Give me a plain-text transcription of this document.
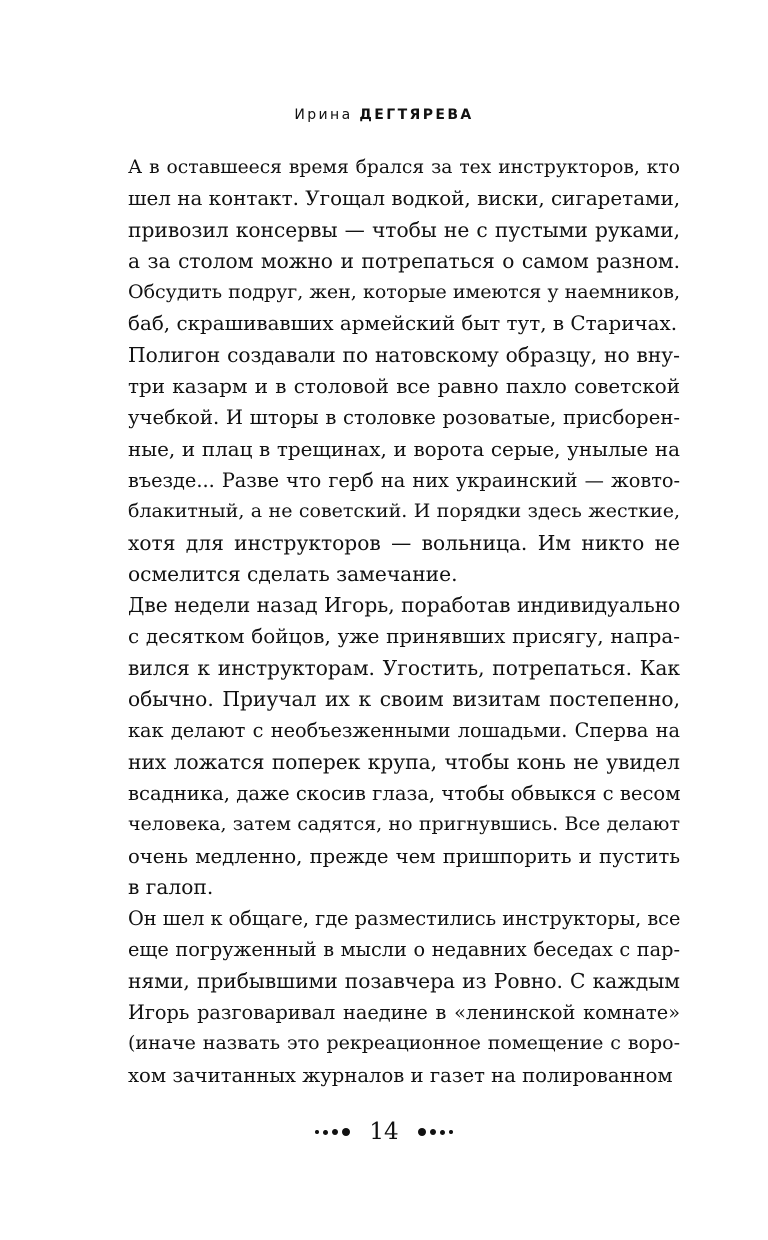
Ирина ДЕГТЯРЕВА
А в оставшееся время брался за тех инструкторов, кто
шел на контакт. Угощал водкой, виски, сигаретами,
привозил консервы — чтобы не с пустыми руками,
а за столом можно и потрепаться о самом разном.
Обсудить подруг, жен, которые имеются у наемников,
баб, скрашивавших армейский быт тут, в Старичах.
Полигон создавали по натовскому образцу, но вну-
три казарм и в столовой все равно пахло советской
учебкой. И шторы в столовке розоватые, присборен-
ные, и плац в трещинах, и ворота серые, унылые на
въезде... Разве что герб на них украинский — жовто-
блакитный, а не советский. И порядки здесь жесткие,
хотя для инструкторов — вольница. Им никто не
осмелится сделать замечание.
Две недели назад Игорь, поработав индивидуально
с десятком бойцов, уже принявших присягу, напра-
вился к инструкторам. Угостить, потрепаться. Как
обычно. Приучал их к своим визитам постепенно,
как делают с необъезженными лошадьми. Сперва на
них ложатся поперек крупа, чтобы конь не увидел
всадника, даже скосив глаза, чтобы обвыкся с весом
человека, затем садятся, но пригнувшись. Все делают
очень медленно, прежде чем пришпорить и пустить
в галоп.
Он шел к общаге, где разместились инструкторы, все
еще погруженный в мысли о недавних беседах с пар-
нями, прибывшими позавчера из Ровно. С каждым
Игорь разговаривал наедине в «ленинской комнате»
(иначе назвать это рекреационное помещение с воро-
хом зачитанных журналов и газет на полированном
14
